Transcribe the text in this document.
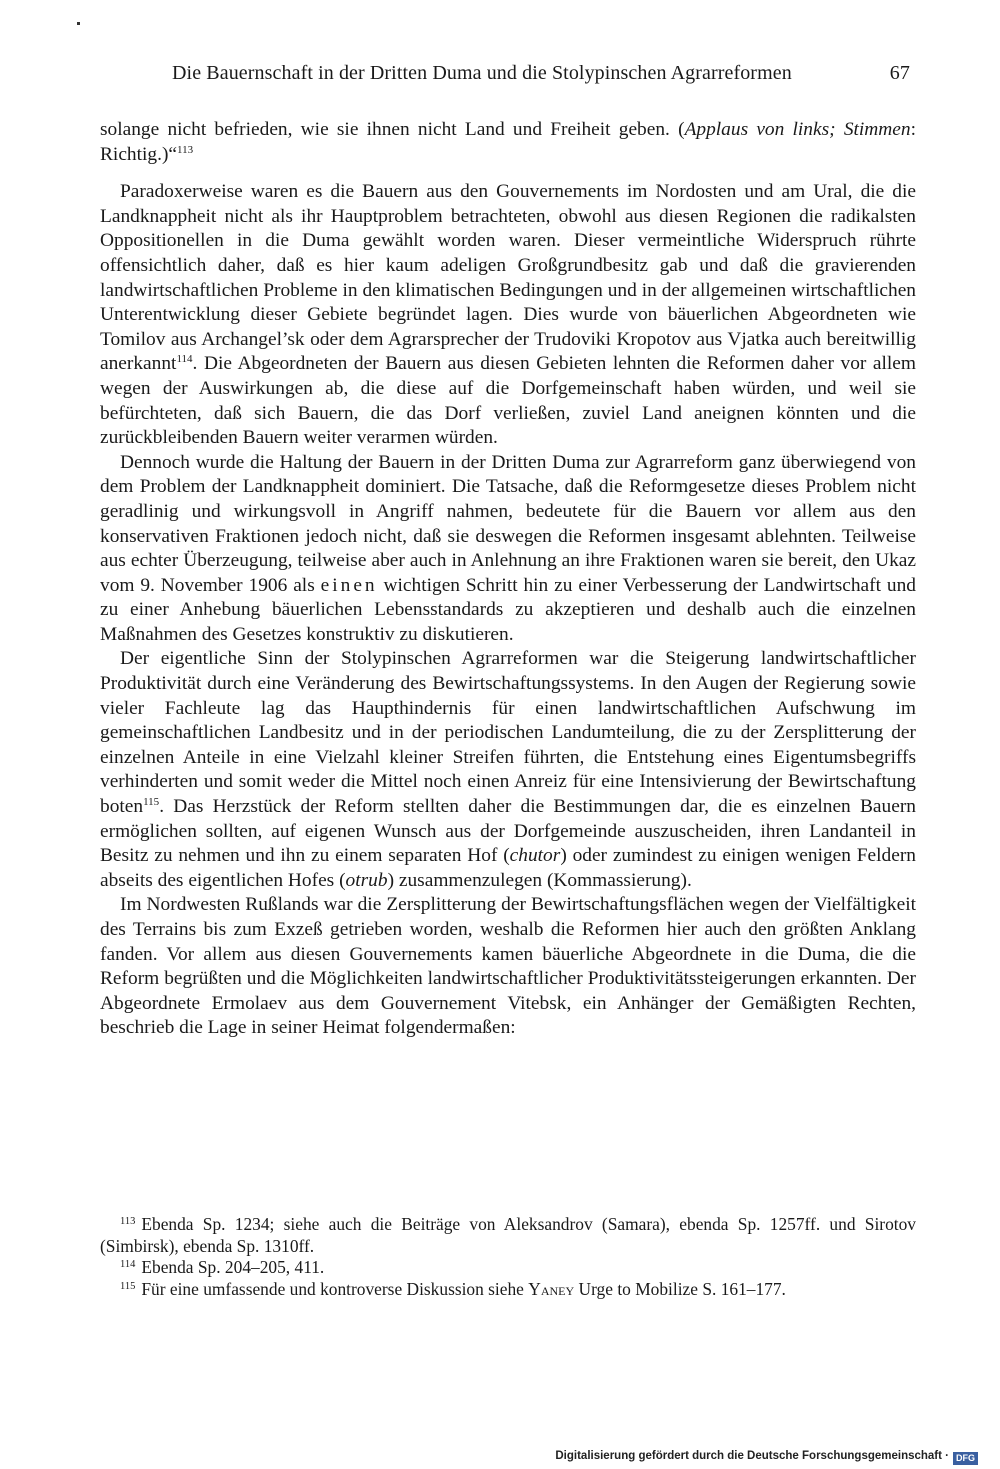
Die Bauernschaft in der Dritten Duma und die Stolypinschen Agrarreformen	67

solange nicht befrieden, wie sie ihnen nicht Land und Freiheit geben. (Applaus von links; Stimmen: Richtig.)“$^{113}$

Paradoxerweise waren es die Bauern aus den Gouvernements im Nordosten und am Ural, die die Landknappheit nicht als ihr Hauptproblem betrachteten, obwohl aus diesen Regionen die radikalsten Oppositionellen in die Duma gewählt worden waren. Dieser vermeintliche Widerspruch rührte offensichtlich daher, daß es hier kaum adeligen Großgrundbesitz gab und daß die gravierenden landwirtschaftlichen Probleme in den klimatischen Bedingungen und in der allgemeinen wirtschaftlichen Unterentwicklung dieser Gebiete begründet lagen. Dies wurde von bäuerlichen Abgeordneten wie Tomilov aus Archangel’sk oder dem Agrarsprecher der Trudoviki Kropotov aus Vjatka auch bereitwillig anerkannt$^{114}$. Die Abgeordneten der Bauern aus diesen Gebieten lehnten die Reformen daher vor allem wegen der Auswirkungen ab, die diese auf die Dorfgemeinschaft haben würden, und weil sie befürchteten, daß sich Bauern, die das Dorf verließen, zuviel Land aneignen könnten und die zurückbleibenden Bauern weiter verarmen würden.

Dennoch wurde die Haltung der Bauern in der Dritten Duma zur Agrarreform ganz überwiegend von dem Problem der Landknappheit dominiert. Die Tatsache, daß die Reformgesetze dieses Problem nicht geradlinig und wirkungsvoll in Angriff nahmen, bedeutete für die Bauern vor allem aus den konservativen Fraktionen jedoch nicht, daß sie deswegen die Reformen insgesamt ablehnten. Teilweise aus echter Überzeugung, teilweise aber auch in Anlehnung an ihre Fraktionen waren sie bereit, den Ukaz vom 9. November 1906 als einen wichtigen Schritt hin zu einer Verbesserung der Landwirtschaft und zu einer Anhebung bäuerlichen Lebensstandards zu akzeptieren und deshalb auch die einzelnen Maßnahmen des Gesetzes konstruktiv zu diskutieren.

Der eigentliche Sinn der Stolypinschen Agrarreformen war die Steigerung landwirtschaftlicher Produktivität durch eine Veränderung des Bewirtschaftungssystems. In den Augen der Regierung sowie vieler Fachleute lag das Haupthindernis für einen landwirtschaftlichen Aufschwung im gemeinschaftlichen Landbesitz und in der periodischen Landumteilung, die zu der Zersplitterung der einzelnen Anteile in eine Vielzahl kleiner Streifen führten, die Entstehung eines Eigentumsbegriffs verhinderten und somit weder die Mittel noch einen Anreiz für eine Intensivierung der Bewirtschaftung boten$^{115}$. Das Herzstück der Reform stellten daher die Bestimmungen dar, die es einzelnen Bauern ermöglichen sollten, auf eigenen Wunsch aus der Dorfgemeinde auszuscheiden, ihren Landanteil in Besitz zu nehmen und ihn zu einem separaten Hof (chutor) oder zumindest zu einigen wenigen Feldern abseits des eigentlichen Hofes (otrub) zusammenzulegen (Kommassierung).

Im Nordwesten Rußlands war die Zersplitterung der Bewirtschaftungsflächen wegen der Vielfältigkeit des Terrains bis zum Exzeß getrieben worden, weshalb die Reformen hier auch den größten Anklang fanden. Vor allem aus diesen Gouvernements kamen bäuerliche Abgeordnete in die Duma, die die Reform begrüßten und die Möglichkeiten landwirtschaftlicher Produktivitätssteigerungen erkannten. Der Abgeordnete Ermolaev aus dem Gouvernement Vitebsk, ein Anhänger der Gemäßigten Rechten, beschrieb die Lage in seiner Heimat folgendermaßen:

$^{113}$ Ebenda Sp. 1234; siehe auch die Beiträge von Aleksandrov (Samara), ebenda Sp. 1257ff. und Sirotov (Simbirsk), ebenda Sp. 1310ff.

$^{114}$ Ebenda Sp. 204–205, 411.

$^{115}$ Für eine umfassende und kontroverse Diskussion siehe Yaney Urge to Mobilize S. 161–177.

Digitalisierung gefördert durch die Deutsche Forschungsgemeinschaft · DFG
